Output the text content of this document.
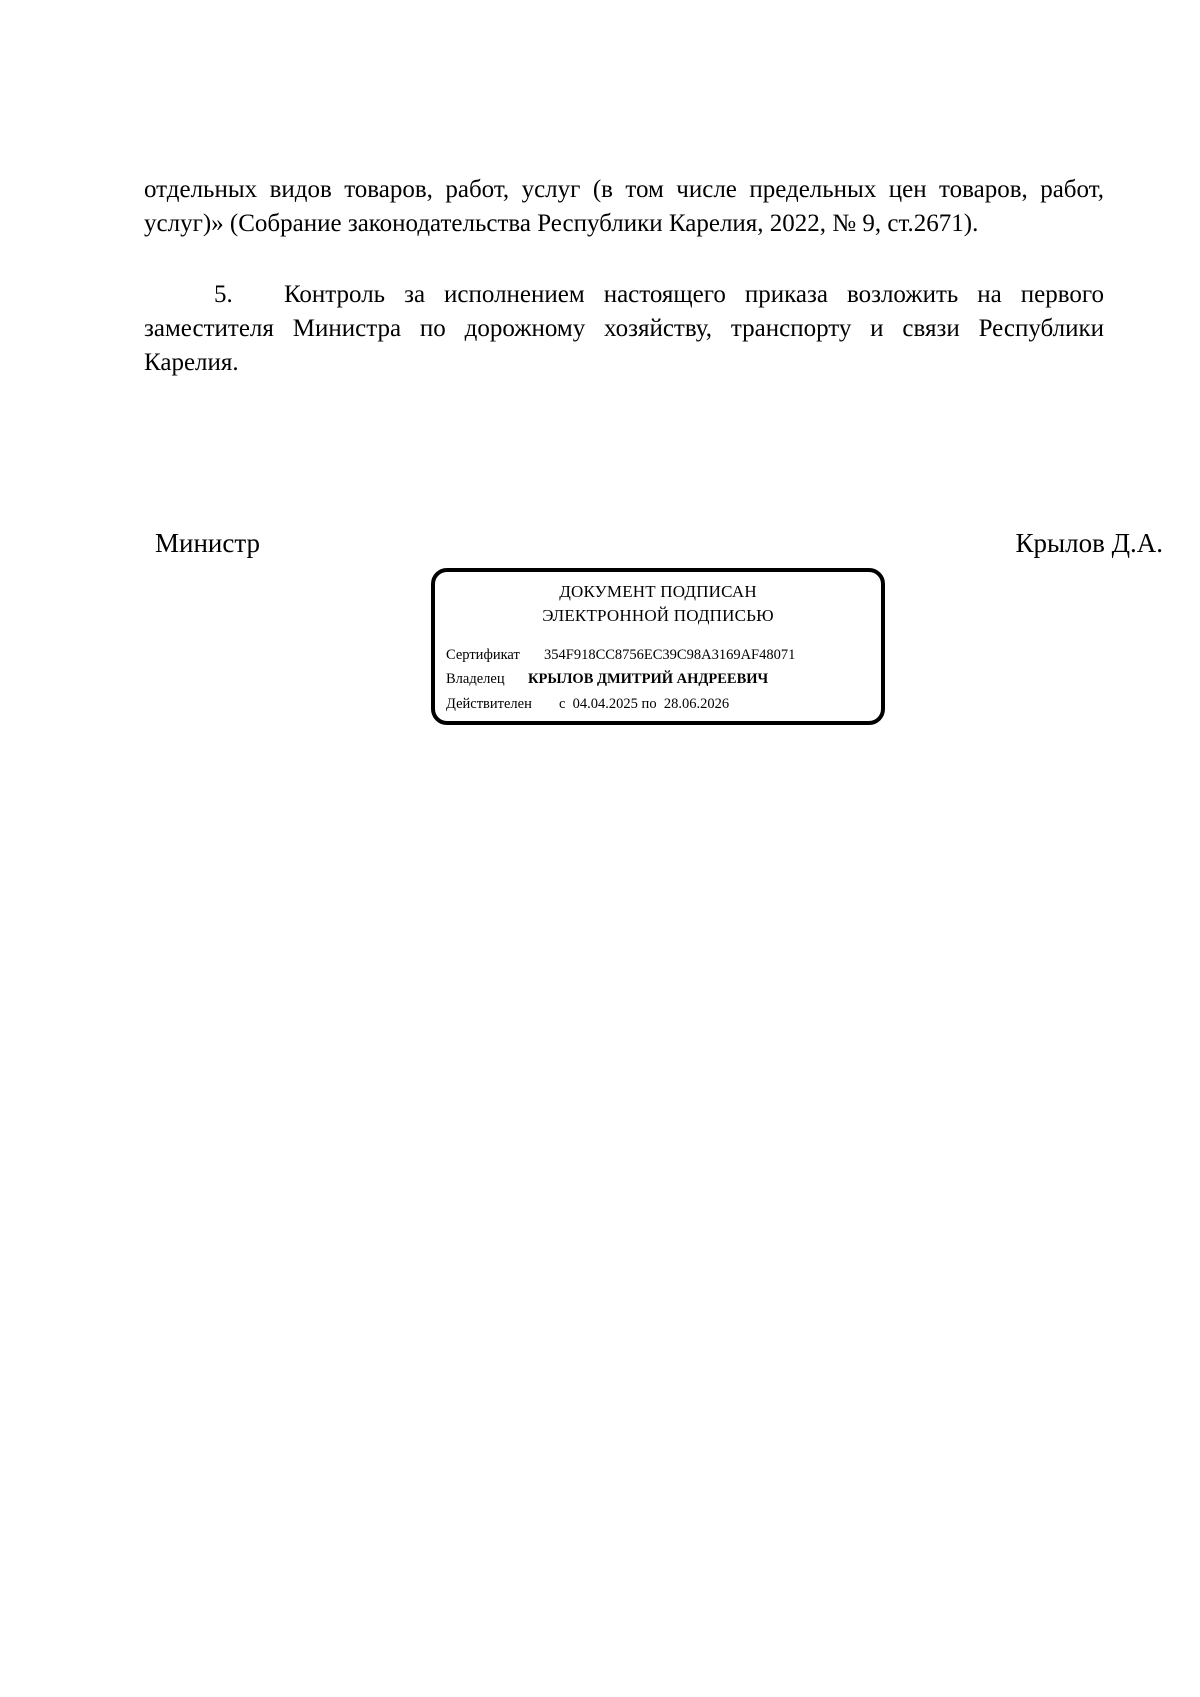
отдельных видов товаров, работ, услуг (в том числе предельных цен товаров, работ,
услуг)» (Собрание законодательства Республики Карелия, 2022, № 9, ст.2671).

5. Контроль за исполнением настоящего приказа возложить на первого
заместителя Министра по дорожному хозяйству, транспорту и связи Республики
Карелия.

Министр	Крылов Д.А.
ДОКУМЕНТ ПОДПИСАН
ЭЛЕКТРОННОЙ ПОДПИСЬЮ
Сертификат 354F918CC8756EC39C98A3169AF48071
Владелец КРЫЛОВ ДМИТРИЙ АНДРЕЕВИЧ
Действителен с  04.04.2025 по  28.06.2026
